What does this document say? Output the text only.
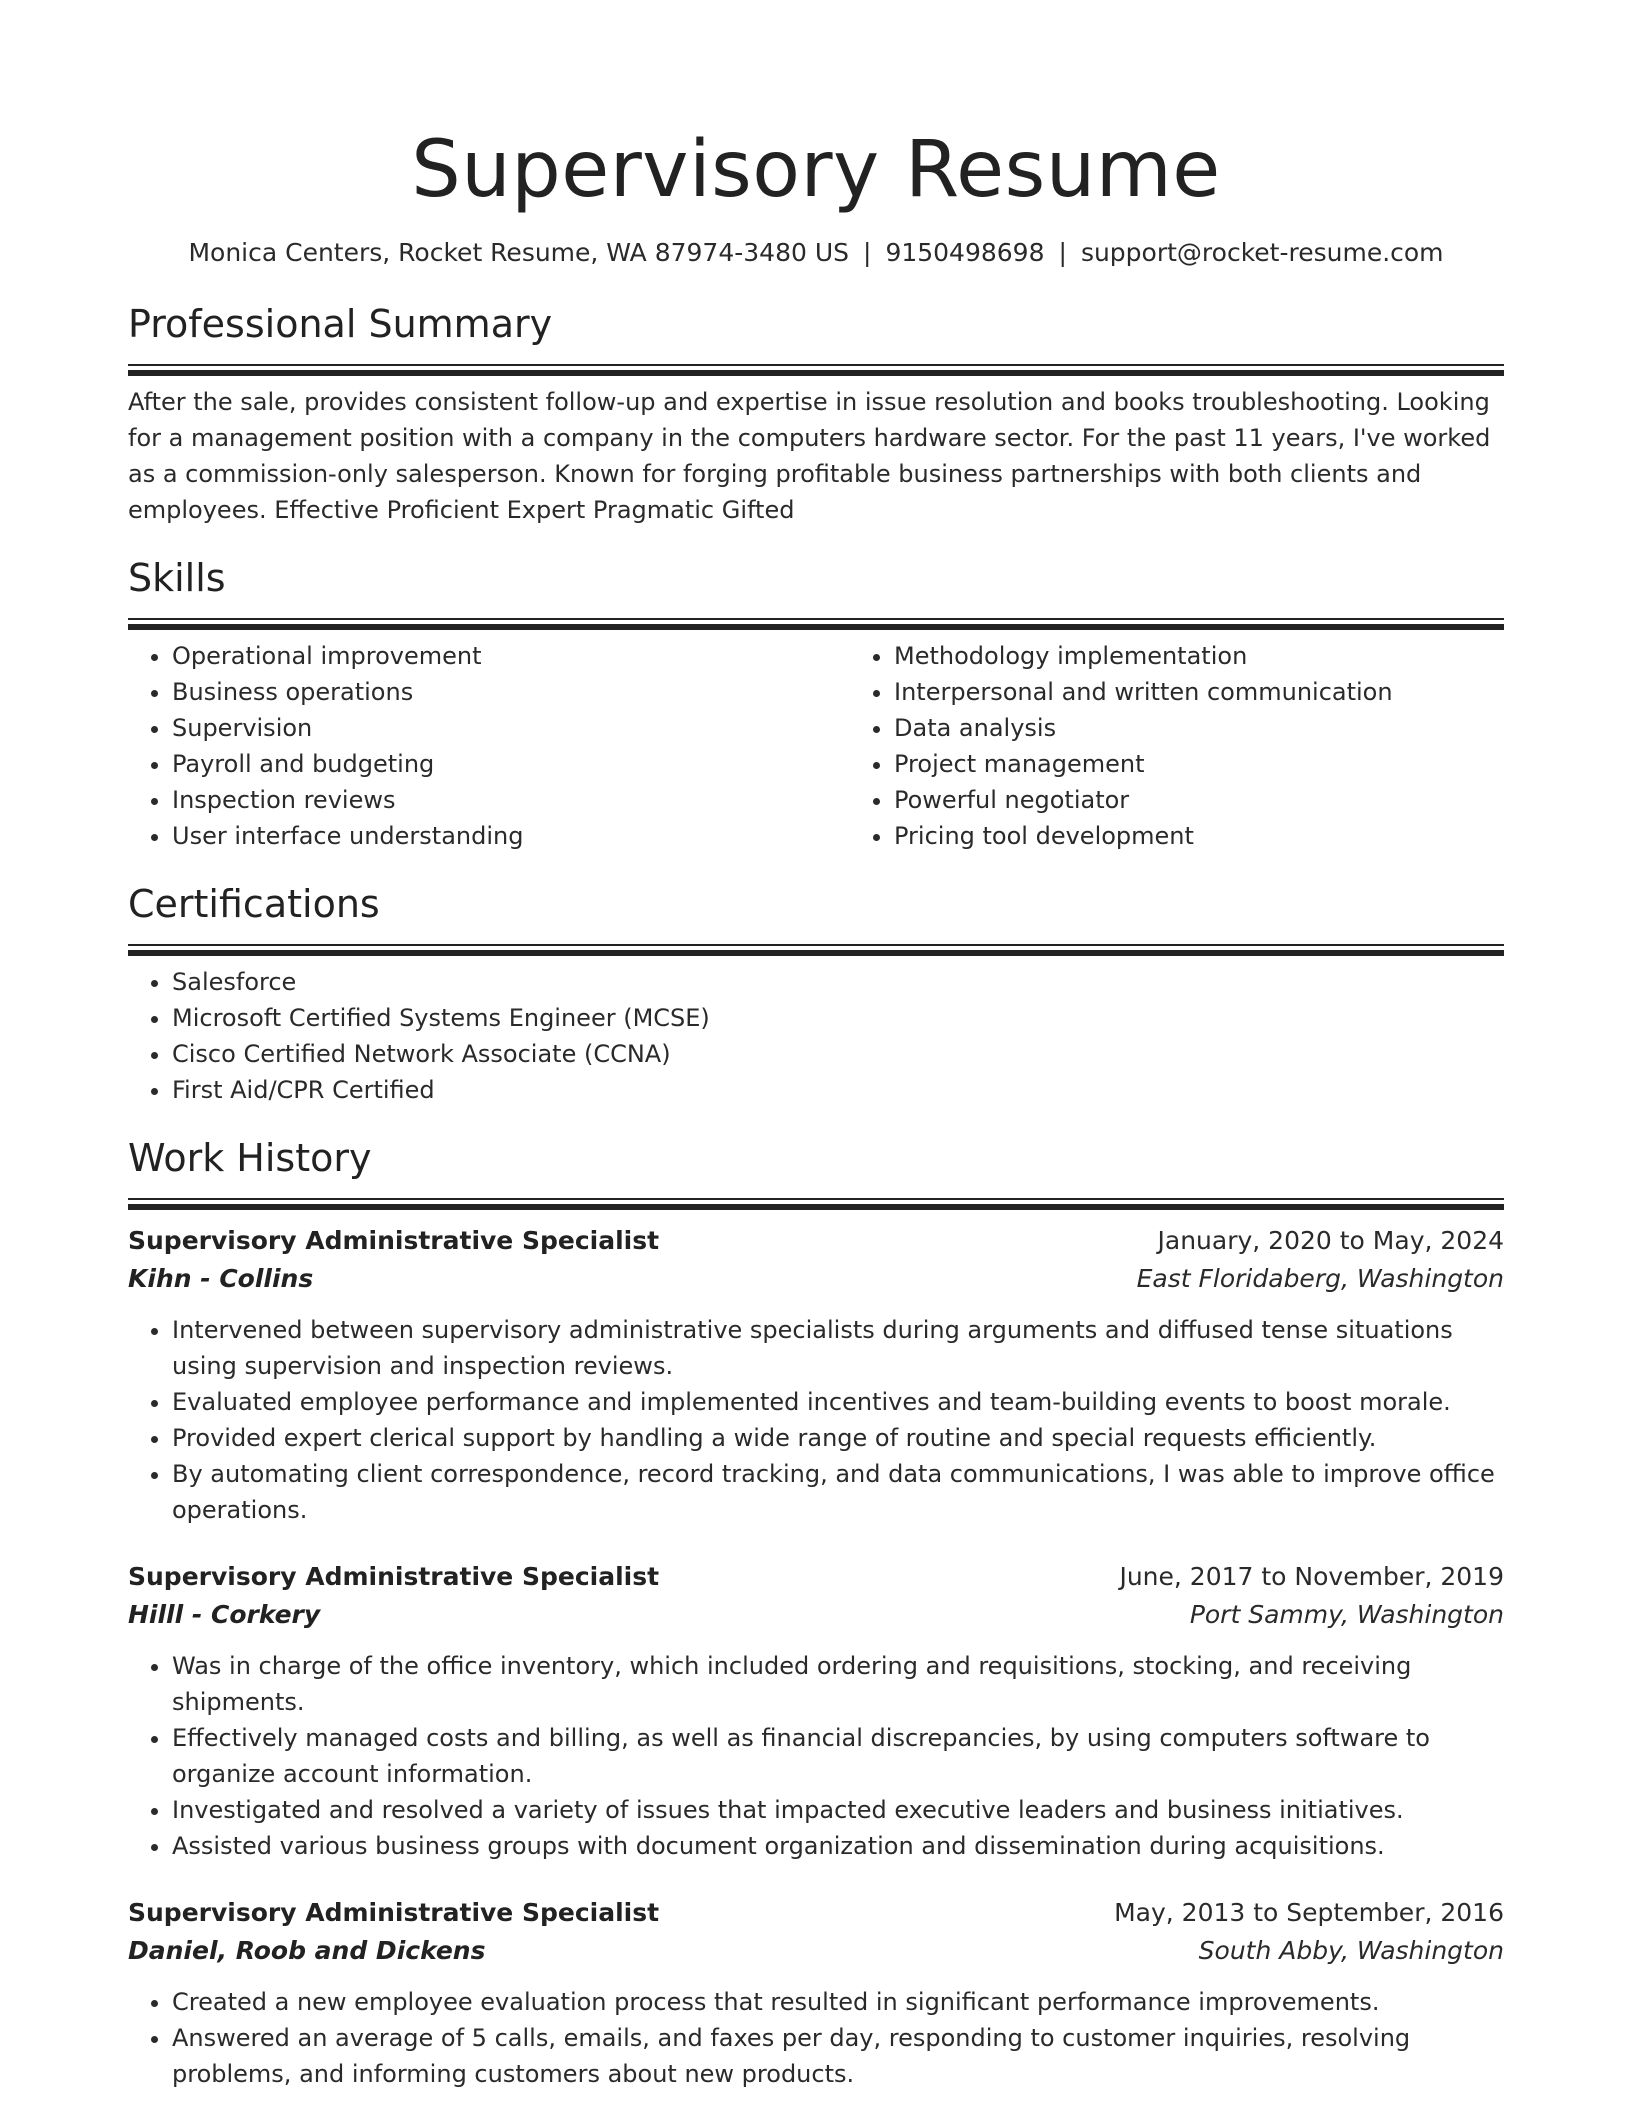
Supervisory Resume
Monica Centers, Rocket Resume, WA 87974-3480 US | 9150498698 | support@rocket-resume.com
Professional Summary

After the sale, provides consistent follow-up and expertise in issue resolution and books troubleshooting. Looking for a management position with a company in the computers hardware sector. For the past 11 years, I've worked as a commission-only salesperson. Known for forging profitable business partnerships with both clients and employees. Effective Proficient Expert Pragmatic Gifted

Skills
• Operational improvement
• Business operations
• Supervision
• Payroll and budgeting
• Inspection reviews
• User interface understanding
• Methodology implementation
• Interpersonal and written communication
• Data analysis
• Project management
• Powerful negotiator
• Pricing tool development
Certifications
• Salesforce
• Microsoft Certified Systems Engineer (MCSE)
• Cisco Certified Network Associate (CCNA)
• First Aid/CPR Certified
Work History
Supervisory Administrative Specialist	January, 2020 to May, 2024
Kihn - Collins	East Floridaberg, Washington
• Intervened between supervisory administrative specialists during arguments and diffused tense situations using supervision and inspection reviews.
• Evaluated employee performance and implemented incentives and team-building events to boost morale.
• Provided expert clerical support by handling a wide range of routine and special requests efficiently.
• By automating client correspondence, record tracking, and data communications, I was able to improve office operations.
Supervisory Administrative Specialist	June, 2017 to November, 2019
Hilll - Corkery	Port Sammy, Washington
• Was in charge of the office inventory, which included ordering and requisitions, stocking, and receiving shipments.
• Effectively managed costs and billing, as well as financial discrepancies, by using computers software to organize account information.
• Investigated and resolved a variety of issues that impacted executive leaders and business initiatives.
• Assisted various business groups with document organization and dissemination during acquisitions.
Supervisory Administrative Specialist	May, 2013 to September, 2016
Daniel, Roob and Dickens	South Abby, Washington
• Created a new employee evaluation process that resulted in significant performance improvements.
• Answered an average of 5 calls, emails, and faxes per day, responding to customer inquiries, resolving problems, and informing customers about new products.
